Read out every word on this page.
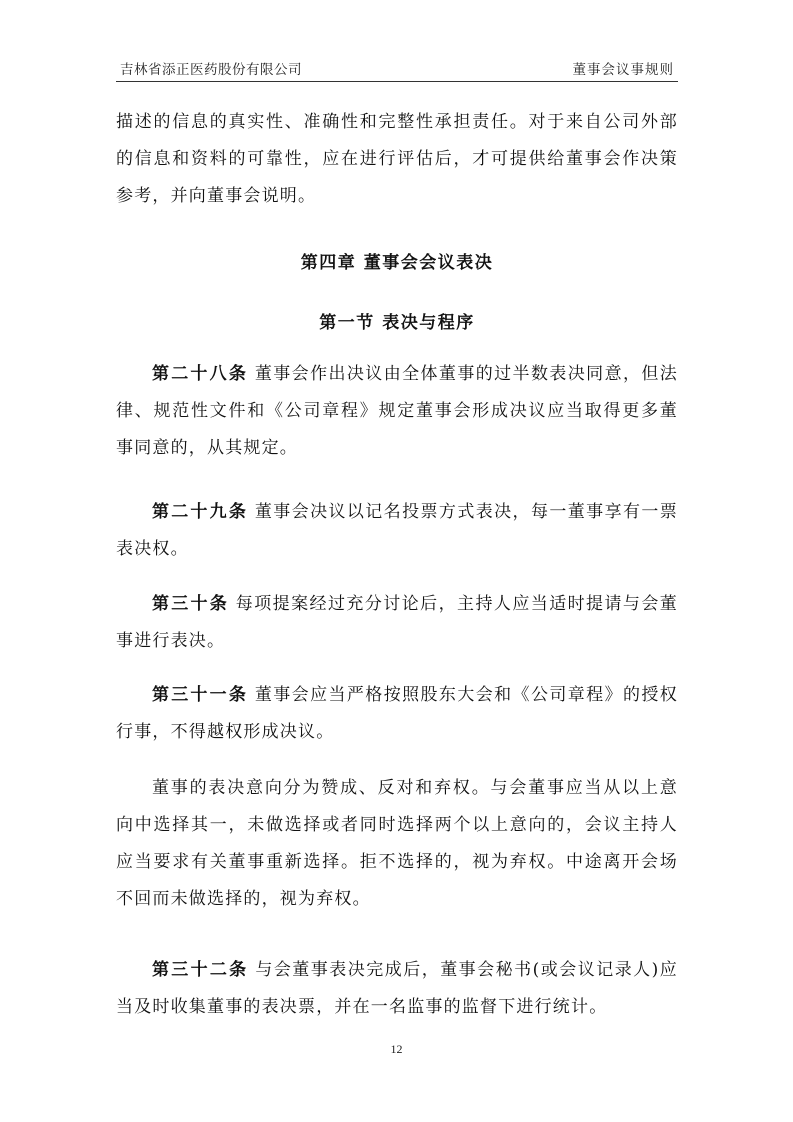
吉林省添正医药股份有限公司	董事会议事规则
描述的信息的真实性、准确性和完整性承担责任。对于来自公司外部的信息和资料的可靠性，应在进行评估后，才可提供给董事会作决策参考，并向董事会说明。
第四章 董事会会议表决
第一节 表决与程序
第二十八条 董事会作出决议由全体董事的过半数表决同意，但法律、规范性文件和《公司章程》规定董事会形成决议应当取得更多董事同意的，从其规定。
第二十九条 董事会决议以记名投票方式表决，每一董事享有一票表决权。
第三十条 每项提案经过充分讨论后，主持人应当适时提请与会董事进行表决。
第三十一条 董事会应当严格按照股东大会和《公司章程》的授权行事，不得越权形成决议。
董事的表决意向分为赞成、反对和弃权。与会董事应当从以上意向中选择其一，未做选择或者同时选择两个以上意向的，会议主持人应当要求有关董事重新选择。拒不选择的，视为弃权。中途离开会场不回而未做选择的，视为弃权。
第三十二条 与会董事表决完成后，董事会秘书(或会议记录人)应当及时收集董事的表决票，并在一名监事的监督下进行统计。
12
